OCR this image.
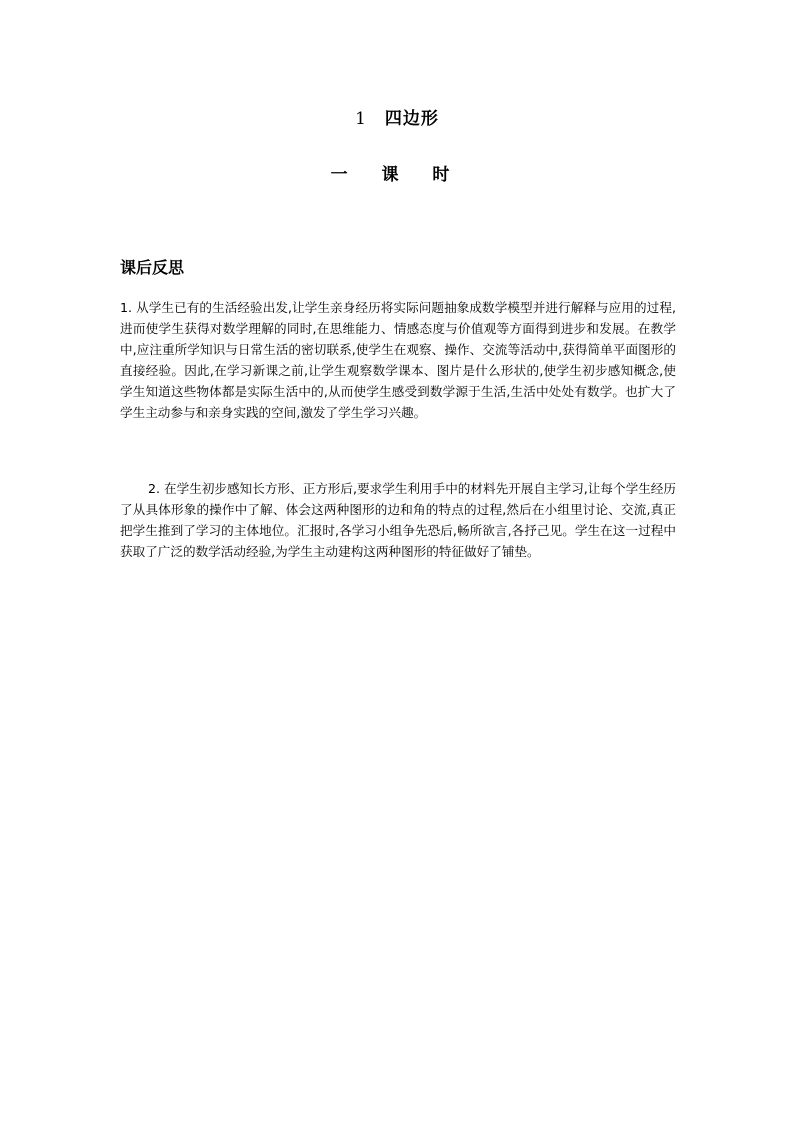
1 四边形
一 课 时
课后反思

1. 从学生已有的生活经验出发,让学生亲身经历将实际问题抽象成数学模型并进行解释与应用的过程,进而使学生获得对数学理解的同时,在思维能力、情感态度与价值观等方面得到进步和发展。在教学中,应注重所学知识与日常生活的密切联系,使学生在观察、操作、交流等活动中,获得简单平面图形的直接经验。因此,在学习新课之前,让学生观察数学课本、图片是什么形状的,使学生初步感知概念,使学生知道这些物体都是实际生活中的,从而使学生感受到数学源于生活,生活中处处有数学。也扩大了学生主动参与和亲身实践的空间,激发了学生学习兴趣。

2. 在学生初步感知长方形、正方形后,要求学生利用手中的材料先开展自主学习,让每个学生经历了从具体形象的操作中了解、体会这两种图形的边和角的特点的过程,然后在小组里讨论、交流,真正把学生推到了学习的主体地位。汇报时,各学习小组争先恐后,畅所欲言,各抒己见。学生在这一过程中获取了广泛的数学活动经验,为学生主动建构这两种图形的特征做好了铺垫。
